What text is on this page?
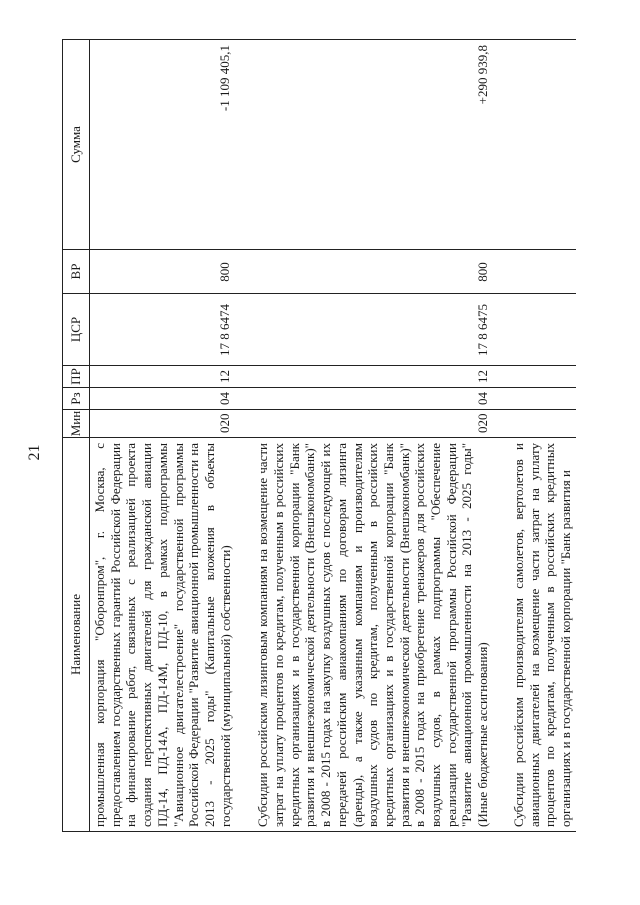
21
Наименование	Мин	Рз	ПР	ЦСР	ВР	Сумма
промышленная корпорация "Оборонпром", г. Москва, с предоставлением государственных гарантий Российской Федерации на финансирование работ, связанных с реализацией проекта создания перспективных двигателей для гражданской авиации ПД-14, ПД-14А, ПД-14М, ПД-10, в рамках подпрограммы "Авиационное двигателестроение" государственной программы Российской Федерации "Развитие авиационной промышленности на 2013 - 2025 годы" (Капитальные вложения в объекты государственной (муниципальной) собственности)	020	04	12	17 8 6474	800	-1 109 405,1
Субсидии российским лизинговым компаниям на возмещение части затрат на уплату процентов по кредитам, полученным в российских кредитных организациях и в государственной корпорации "Банк развития и внешнеэкономической деятельности (Внешэкономбанк)" в 2008 - 2015 годах на закупку воздушных судов с последующей их передачей российским авиакомпаниям по договорам лизинга (аренды), а также указанным компаниям и производителям воздушных судов по кредитам, полученным в российских кредитных организациях и в государственной корпорации "Банк развития и внешнеэкономической деятельности (Внешэкономбанк)" в 2008 - 2015 годах на приобретение тренажеров для российских воздушных судов, в рамках подпрограммы "Обеспечение реализации государственной программы Российской Федерации "Развитие авиационной промышленности на 2013 - 2025 годы" (Иные бюджетные ассигнования)	020	04	12	17 8 6475	800	+290 939,8
Субсидии российским производителям самолетов, вертолетов и авиационных двигателей на возмещение части затрат на уплату процентов по кредитам, полученным в российских кредитных организациях и в государственной корпорации "Банк развития и						
